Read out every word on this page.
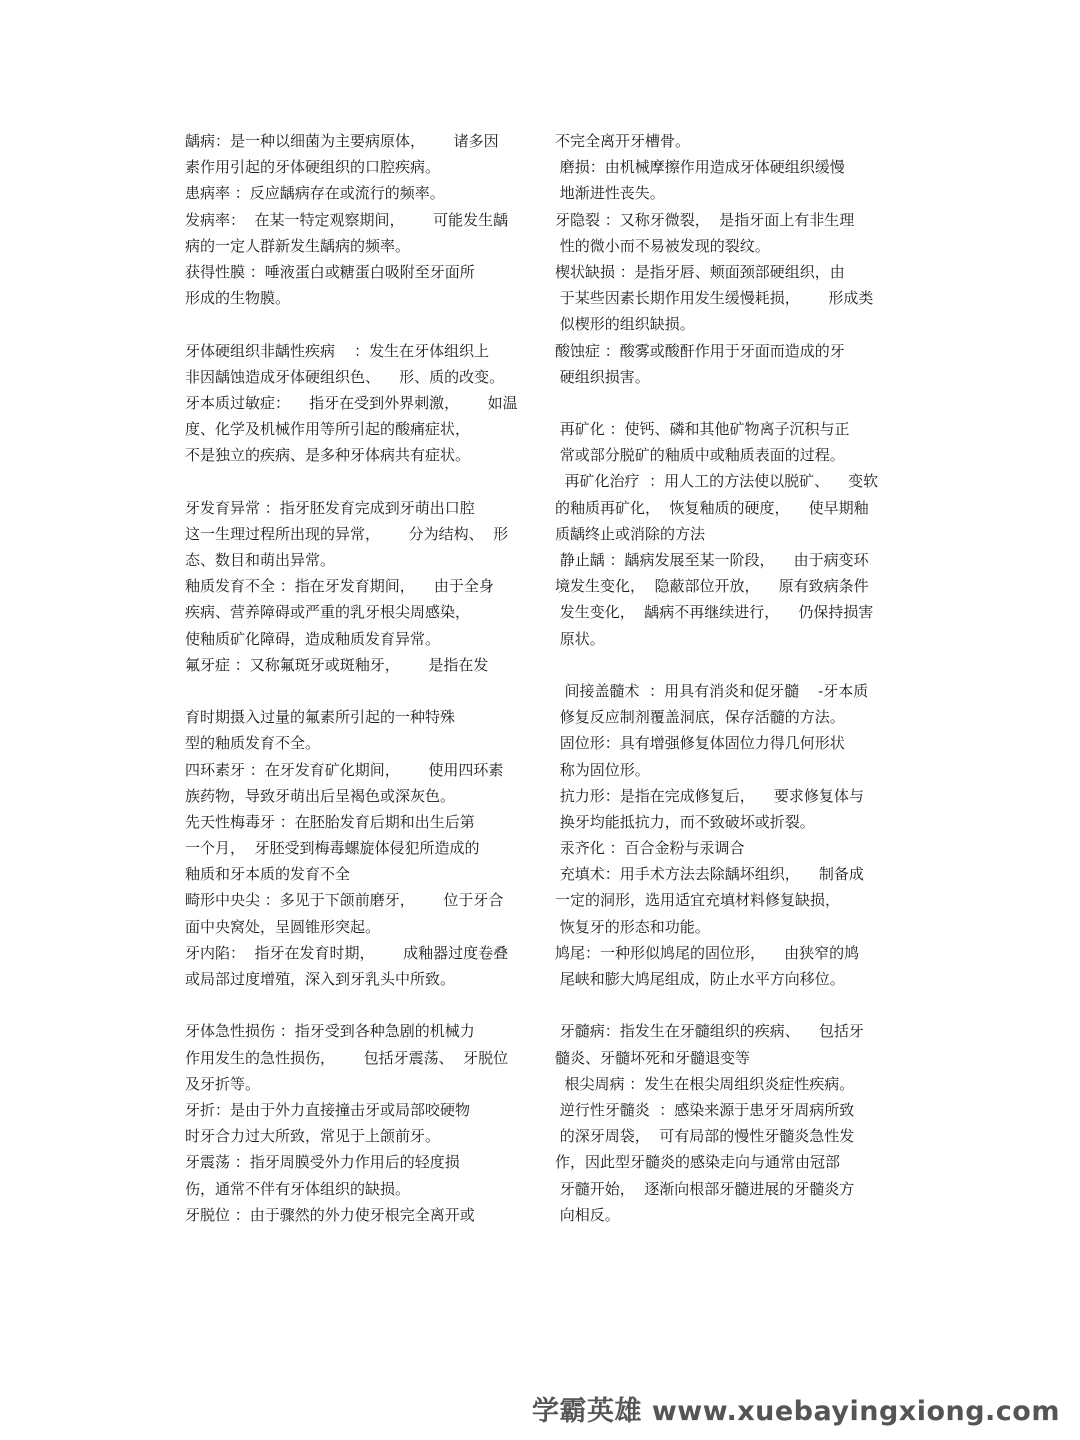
龋病：是一种以细菌为主要病原体，      诸多因
素作用引起的牙体硬组织的口腔疾病。
患病率 ：反应龋病存在或流行的频率。
发病率：  在某一特定观察期间，      可能发生龋
病的一定人群新发生龋病的频率。
获得性膜 ：唾液蛋白或糖蛋白吸附至牙面所
形成的生物膜。
牙体硬组织非龋性疾病    ：发生在牙体组织上
非因龋蚀造成牙体硬组织色、    形、质的改变。
牙本质过敏症：    指牙在受到外界刺激，      如温
度、化学及机械作用等所引起的酸痛症状，
不是独立的疾病、是多种牙体病共有症状。
牙发育异常 ：指牙胚发育完成到牙萌出口腔
这一生理过程所出现的异常，      分为结构、  形
态、数目和萌出异常。
釉质发育不全 ：指在牙发育期间，    由于全身
疾病、营养障碍或严重的乳牙根尖周感染，
使釉质矿化障碍，造成釉质发育异常。
氟牙症 ：又称氟斑牙或斑釉牙，      是指在发
育时期摄入过量的氟素所引起的一种特殊
型的釉质发育不全。
四环素牙 ：在牙发育矿化期间，      使用四环素
族药物，导致牙萌出后呈褐色或深灰色。
先天性梅毒牙 ：在胚胎发育后期和出生后第
一个月，  牙胚受到梅毒螺旋体侵犯所造成的
釉质和牙本质的发育不全
畸形中央尖 ：多见于下颌前磨牙，      位于牙合
面中央窝处，呈圆锥形突起。
牙内陷：  指牙在发育时期，      成釉器过度卷叠
或局部过度增殖，深入到牙乳头中所致。
牙体急性损伤 ：指牙受到各种急剧的机械力
作用发生的急性损伤，      包括牙震荡、  牙脱位
及牙折等。
牙折：是由于外力直接撞击牙或局部咬硬物
时牙合力过大所致，常见于上颌前牙。
牙震荡 ：指牙周膜受外力作用后的轻度损
伤，通常不伴有牙体组织的缺损。
牙脱位 ：由于骤然的外力使牙根完全离开或
不完全离开牙槽骨。
磨损：由机械摩擦作用造成牙体硬组织缓慢
地渐进性丧失。
牙隐裂 ：又称牙微裂，  是指牙面上有非生理
性的微小而不易被发现的裂纹。
楔状缺损 ：是指牙唇、颊面颈部硬组织，由
于某些因素长期作用发生缓慢耗损，      形成类
似楔形的组织缺损。
酸蚀症 ：酸雾或酸酐作用于牙面而造成的牙
硬组织损害。
再矿化 ：使钙、磷和其他矿物离子沉积与正
常或部分脱矿的釉质中或釉质表面的过程。
再矿化治疗  ：用人工的方法使以脱矿、    变软
的釉质再矿化，  恢复釉质的硬度，    使早期釉
质龋终止或消除的方法
静止龋 ：龋病发展至某一阶段，    由于病变环
境发生变化，  隐蔽部位开放，    原有致病条件
发生变化，  龋病不再继续进行，    仍保持损害
原状。
间接盖髓术  ：用具有消炎和促牙髓    -牙本质
修复反应制剂覆盖洞底，保存活髓的方法。
固位形：具有增强修复体固位力得几何形状
称为固位形。
抗力形：是指在完成修复后，    要求修复体与
换牙均能抵抗力，而不致破坏或折裂。
汞齐化 ：百合金粉与汞调合
充填术：用手术方法去除龋坏组织，    制备成
一定的洞形，选用适宜充填材料修复缺损，
恢复牙的形态和功能。
鸠尾：一种形似鸠尾的固位形，    由狭窄的鸠
尾峡和膨大鸠尾组成，防止水平方向移位。
牙髓病：指发生在牙髓组织的疾病、    包括牙
髓炎、牙髓坏死和牙髓退变等
根尖周病 ：发生在根尖周组织炎症性疾病。
逆行性牙髓炎  ：感染来源于患牙牙周病所致
的深牙周袋，  可有局部的慢性牙髓炎急性发
作，因此型牙髓炎的感染走向与通常由冠部
牙髓开始，  逐渐向根部牙髓进展的牙髓炎方
向相反。
学霸英雄 www.xuebayingxiong.com
